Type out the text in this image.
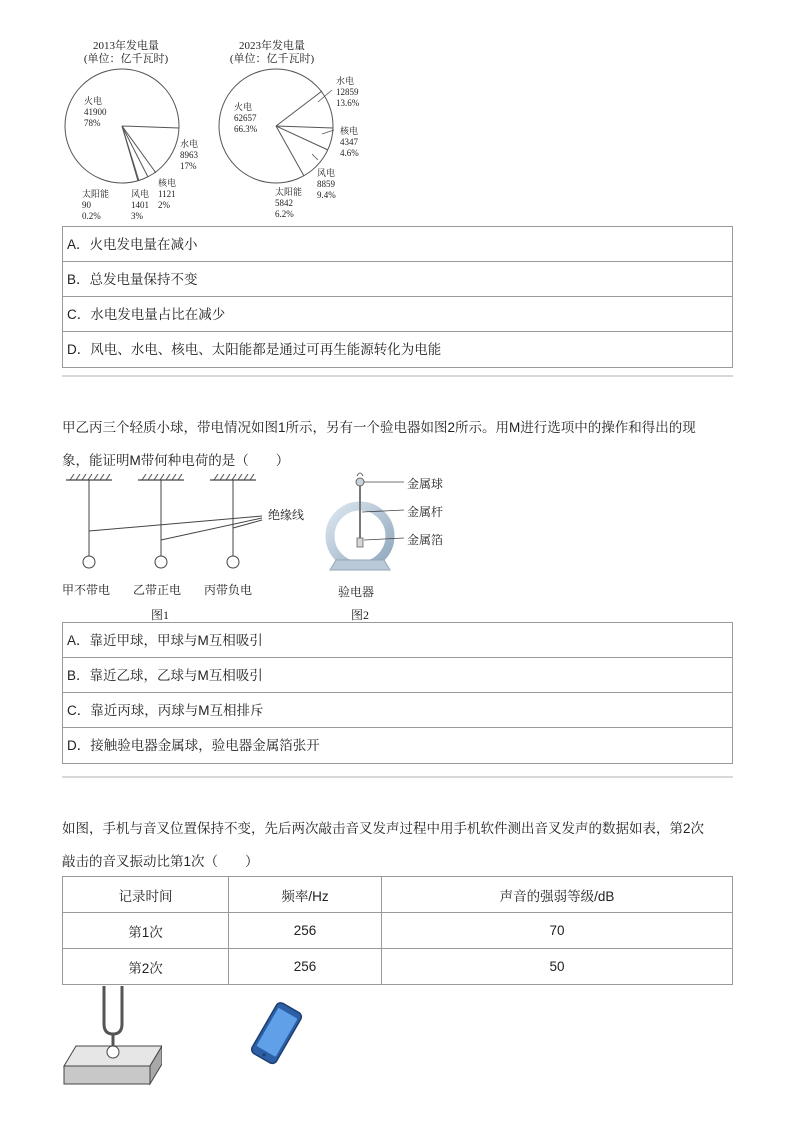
2013年发电量
(单位：亿千瓦时)
火电
41900
78%
水电
8963
17%
核电
1121
2%
风电
1401
3%
太阳能
90
0.2%
2023年发电量
(单位：亿千瓦时)
火电
62657
66.3%
水电
12859
13.6%
核电
4347
4.6%
风电
8859
9.4%
太阳能
5842
6.2%
A．火电发电量在减小
B．总发电量保持不变
C．水电发电量占比在减少
D．风电、水电、核电、太阳能都是通过可再生能源转化为电能
甲乙丙三个轻质小球，带电情况如图1所示，另有一个验电器如图2所示。用M进行选项中的操作和得出的现
象，能证明M带何种电荷的是（　　）
绝缘线
甲不带电 乙带正电 丙带负电
图1
金属球
金属杆
金属箔
验电器
图2
A．靠近甲球，甲球与M互相吸引
B．靠近乙球，乙球与M互相吸引
C．靠近丙球，丙球与M互相排斥
D．接触验电器金属球，验电器金属箔张开
如图，手机与音叉位置保持不变，先后两次敲击音叉发声过程中用手机软件测出音叉发声的数据如表，第2次
敲击的音叉振动比第1次（　　）
记录时间	频率/Hz	声音的强弱等级/dB
第1次	256	70
第2次	256	50
